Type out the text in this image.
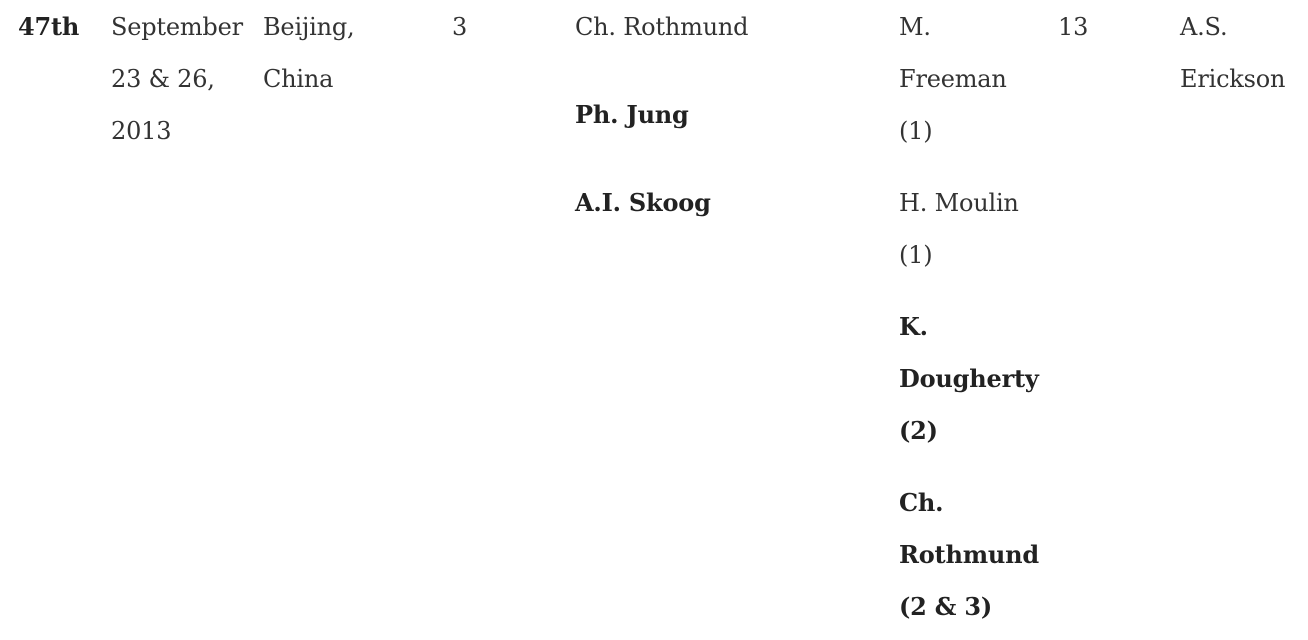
47th September
23 & 26,
2013
Beijing,
China
3	Ch. Rothmund
Ph. Jung
A.I. Skoog
M.
Freeman
(1)
H. Moulin
(1)
K.
Dougherty
(2)
Ch.
Rothmund
(2 & 3)
13	A.S.
Erickson
